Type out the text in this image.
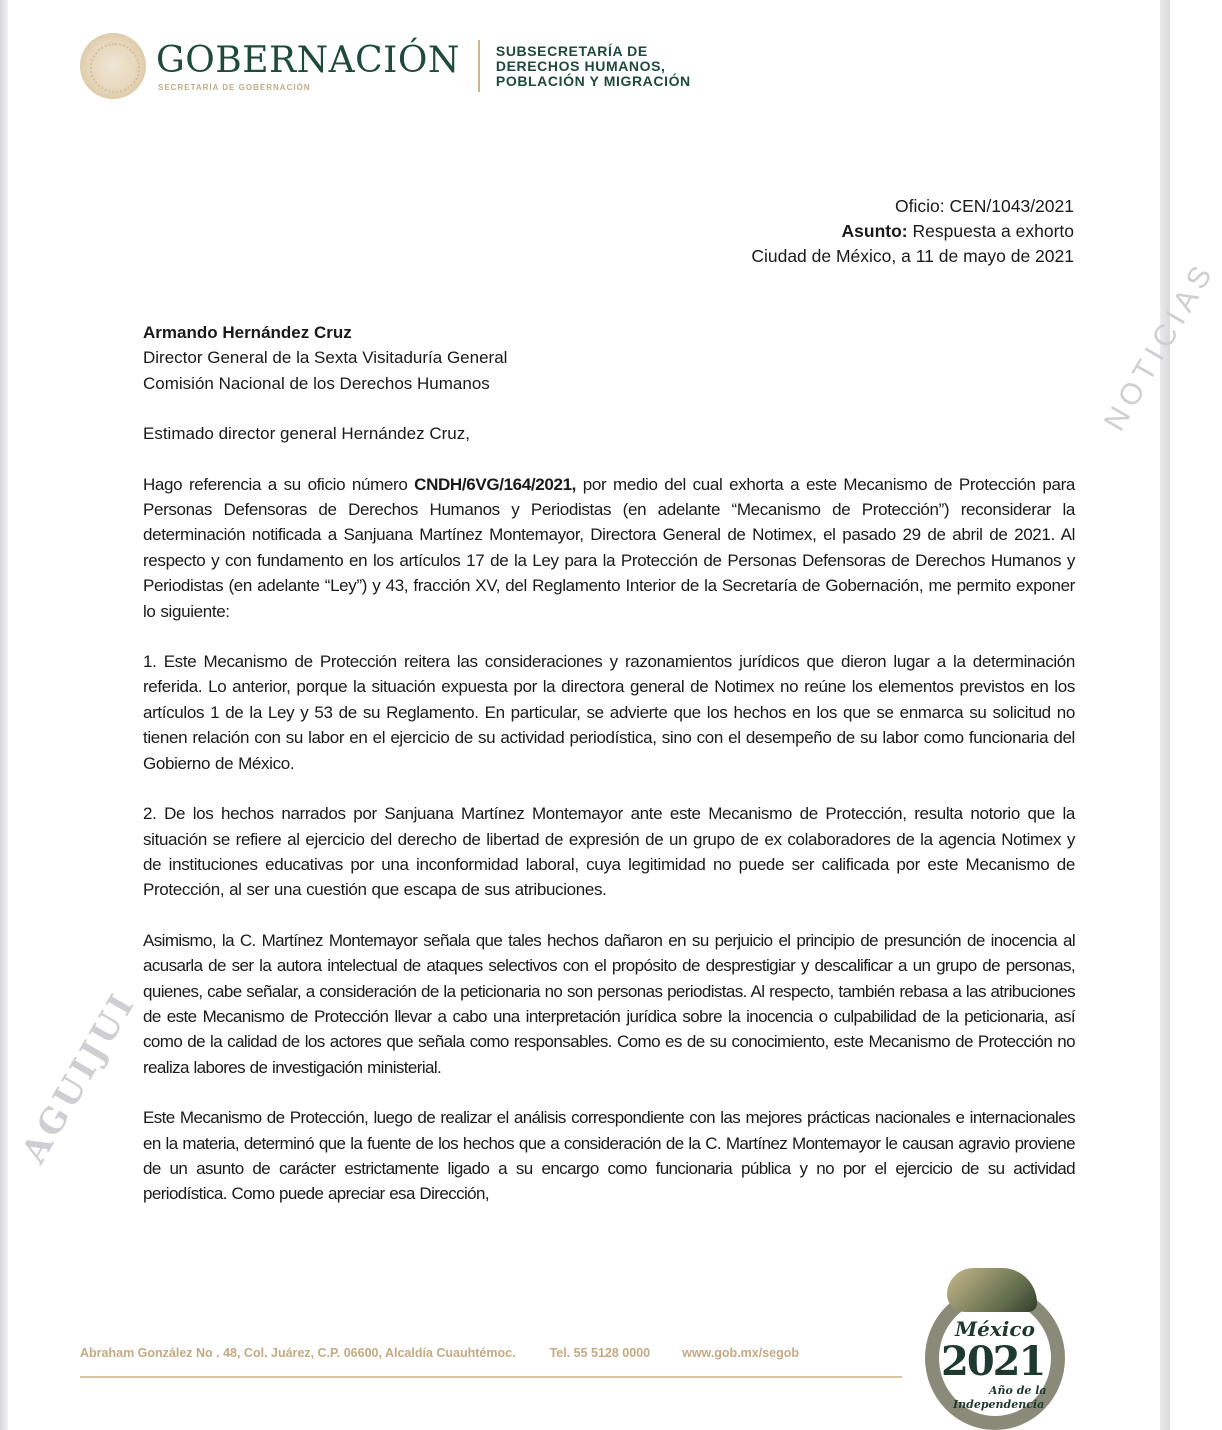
AGUIJUI
NOTICIAS
GOBERNACIÓN
SECRETARÍA DE GOBERNACIÓN
SUBSECRETARÍA DE
DERECHOS HUMANOS,
POBLACIÓN Y MIGRACIÓN
Oficio: CEN/1043/2021
Asunto: Respuesta a exhorto
Ciudad de México, a 11 de mayo de 2021
Armando Hernández Cruz
Director General de la Sexta Visitaduría General
Comisión Nacional de los Derechos Humanos
Estimado director general Hernández Cruz,

Hago referencia a su oficio número CNDH/6VG/164/2021, por medio del cual exhorta a este Mecanismo de Protección para Personas Defensoras de Derechos Humanos y Periodistas (en adelante “Mecanismo de Protección”) reconsiderar la determinación notificada a Sanjuana Martínez Montemayor, Directora General de Notimex, el pasado 29 de abril de 2021. Al respecto y con fundamento en los artículos 17 de la Ley para la Protección de Personas Defensoras de Derechos Humanos y Periodistas (en adelante “Ley”) y 43, fracción XV, del Reglamento Interior de la Secretaría de Gobernación, me permito exponer lo siguiente:

1. Este Mecanismo de Protección reitera las consideraciones y razonamientos jurídicos que dieron lugar a la determinación referida. Lo anterior, porque la situación expuesta por la directora general de Notimex no reúne los elementos previstos en los artículos 1 de la Ley y 53 de su Reglamento. En particular, se advierte que los hechos en los que se enmarca su solicitud no tienen relación con su labor en el ejercicio de su actividad periodística, sino con el desempeño de su labor como funcionaria del Gobierno de México.

2. De los hechos narrados por Sanjuana Martínez Montemayor ante este Mecanismo de Protección, resulta notorio que la situación se refiere al ejercicio del derecho de libertad de expresión de un grupo de ex colaboradores de la agencia Notimex y de instituciones educativas por una inconformidad laboral, cuya legitimidad no puede ser calificada por este Mecanismo de Protección, al ser una cuestión que escapa de sus atribuciones.

Asimismo, la C. Martínez Montemayor señala que tales hechos dañaron en su perjuicio el principio de presunción de inocencia al acusarla de ser la autora intelectual de ataques selectivos con el propósito de desprestigiar y descalificar a un grupo de personas, quienes, cabe señalar, a consideración de la peticionaria no son personas periodistas. Al respecto, también rebasa a las atribuciones de este Mecanismo de Protección llevar a cabo una interpretación jurídica sobre la inocencia o culpabilidad de la peticionaria, así como de la calidad de los actores que señala como responsables. Como es de su conocimiento, este Mecanismo de Protección no realiza labores de investigación ministerial.

Este Mecanismo de Protección, luego de realizar el análisis correspondiente con las mejores prácticas nacionales e internacionales en la materia, determinó que la fuente de los hechos que a consideración de la C. Martínez Montemayor le causan agravio proviene de un asunto de carácter estrictamente ligado a su encargo como funcionaria pública y no por el ejercicio de su actividad periodística. Como puede apreciar esa Dirección,

Abraham González No . 48, Col. Juárez, C.P. 06600, Alcaldía Cuauhtémoc.	Tel. 55 5128 0000	www.gob.mx/segob
México
2021
Año de la
Independencia
